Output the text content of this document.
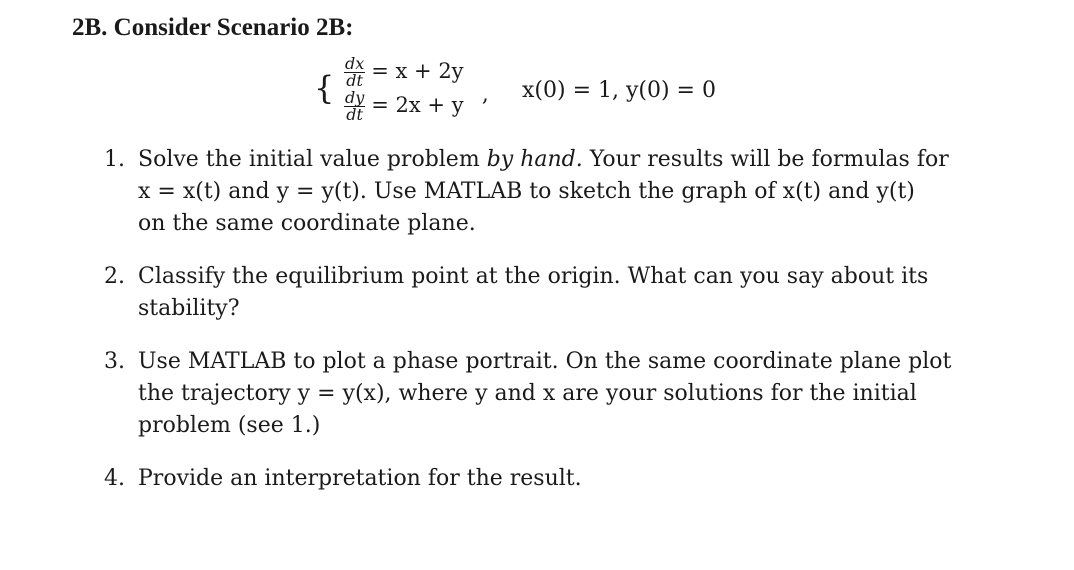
2B. Consider Scenario 2B:
{ $\frac{dx}{dt} = x + 2y$
$\frac{dy}{dt} = 2x + y$ , x(0) = 1, y(0) = 0
1. Solve the initial value problem by hand. Your results will be formulas for
x = x(t) and y = y(t). Use MATLAB to sketch the graph of x(t) and y(t)
on the same coordinate plane.
2. Classify the equilibrium point at the origin. What can you say about its
stability?
3. Use MATLAB to plot a phase portrait. On the same coordinate plane plot
the trajectory y = y(x), where y and x are your solutions for the initial
problem (see 1.)
4. Provide an interpretation for the result.
